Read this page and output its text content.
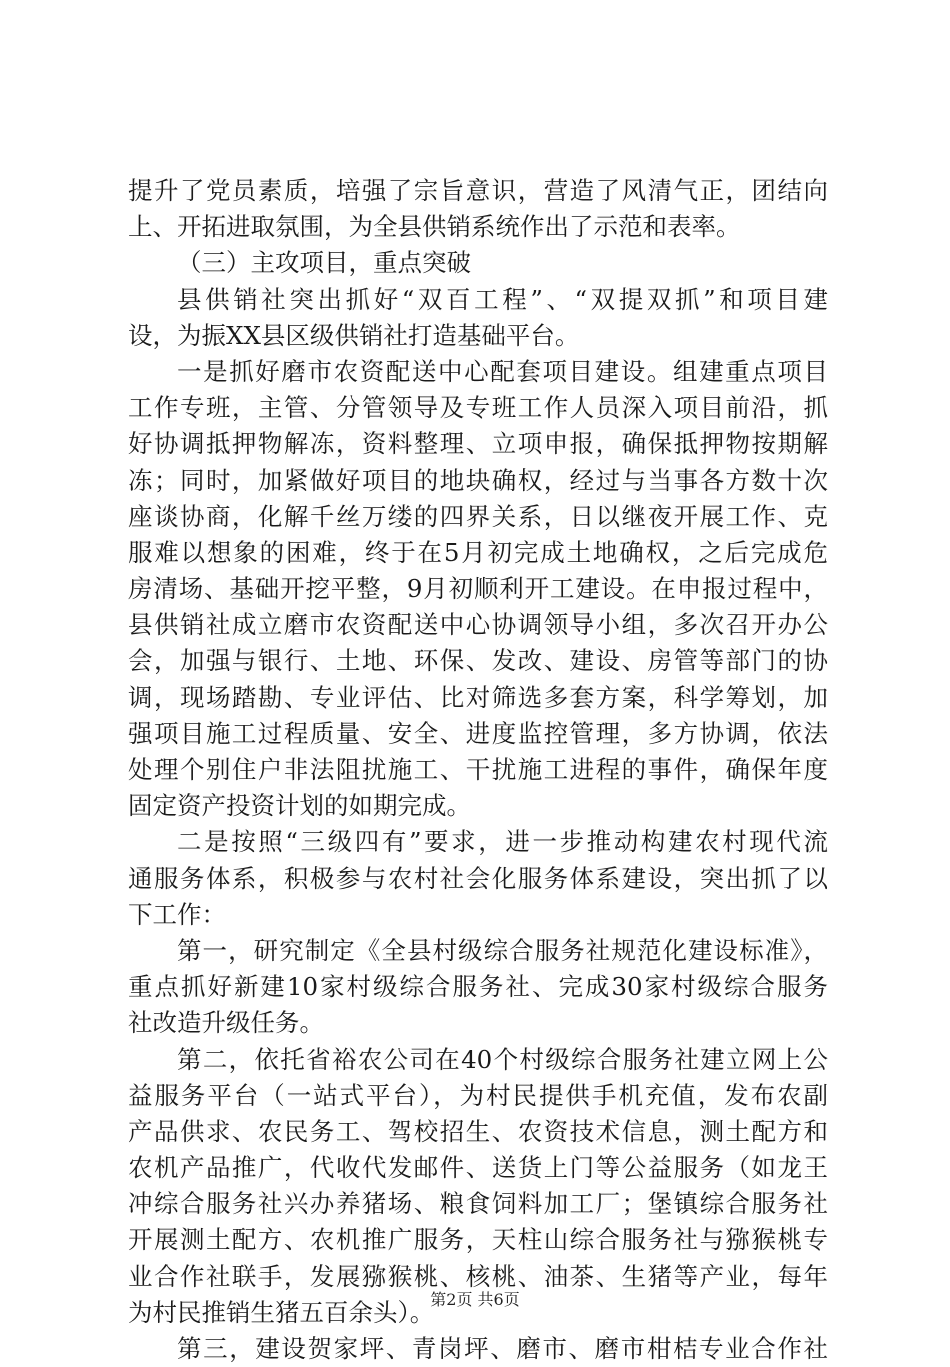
提升了党员素质，培强了宗旨意识，营造了风清气正，团结向
上、开拓进取氛围，为全县供销系统作出了示范和表率。
（三）主攻项目，重点突破
县供销社突出抓好“双百工程”、“双提双抓”和项目建
设，为振XX县区级供销社打造基础平台。
一是抓好磨市农资配送中心配套项目建设。组建重点项目
工作专班，主管、分管领导及专班工作人员深入项目前沿，抓
好协调抵押物解冻，资料整理、立项申报，确保抵押物按期解
冻；同时，加紧做好项目的地块确权，经过与当事各方数十次
座谈协商，化解千丝万缕的四界关系，日以继夜开展工作、克
服难以想象的困难，终于在5月初完成土地确权，之后完成危
房清场、基础开挖平整，9月初顺利开工建设。在申报过程中，
县供销社成立磨市农资配送中心协调领导小组，多次召开办公
会，加强与银行、土地、环保、发改、建设、房管等部门的协
调，现场踏勘、专业评估、比对筛选多套方案，科学筹划，加
强项目施工过程质量、安全、进度监控管理，多方协调，依法
处理个别住户非法阻扰施工、干扰施工进程的事件，确保年度
固定资产投资计划的如期完成。
二是按照“三级四有”要求，进一步推动构建农村现代流
通服务体系，积极参与农村社会化服务体系建设，突出抓了以
下工作：
第一，研究制定《全县村级综合服务社规范化建设标准》，
重点抓好新建10家村级综合服务社、完成30家村级综合服务
社改造升级任务。
第二，依托省裕农公司在40个村级综合服务社建立网上公
益服务平台（一站式平台），为村民提供手机充值，发布农副
产品供求、农民务工、驾校招生、农资技术信息，测土配方和
农机产品推广，代收代发邮件、送货上门等公益服务（如龙王
冲综合服务社兴办养猪场、粮食饲料加工厂；堡镇综合服务社
开展测土配方、农机推广服务，天柱山综合服务社与猕猴桃专
业合作社联手，发展猕猴桃、核桃、油茶、生猪等产业，每年
为村民推销生猪五百余头）。
第三，建设贺家坪、青岗坪、磨市、磨市柑桔专业合作社
第2页 共6页
